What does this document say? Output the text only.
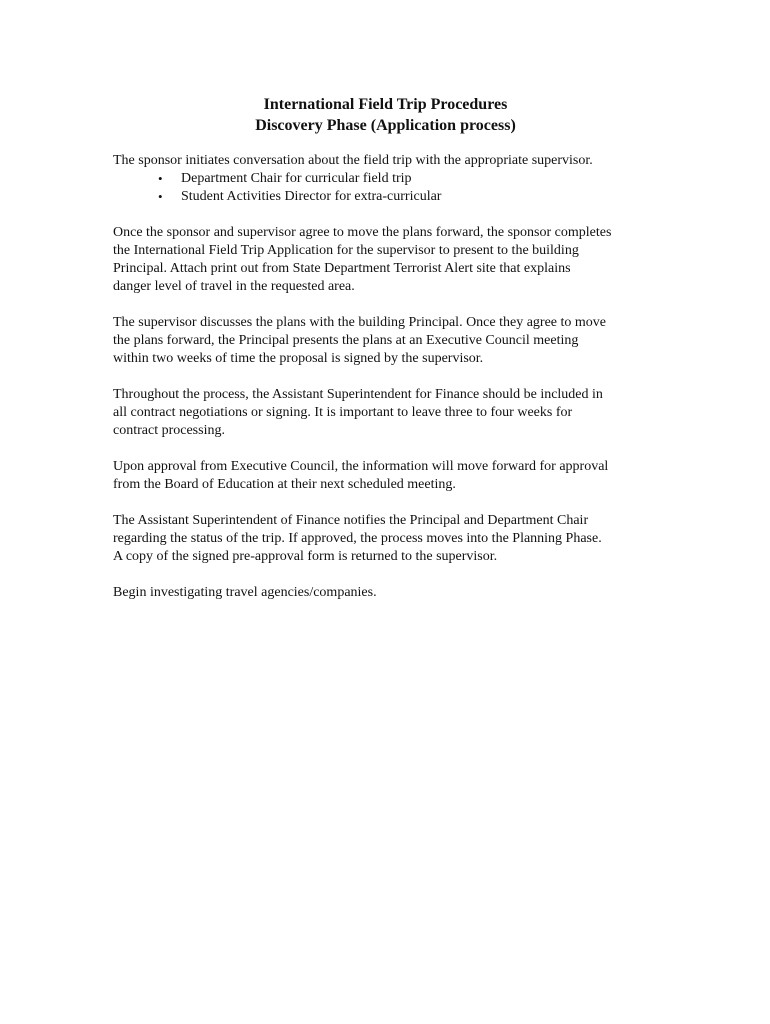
International Field Trip Procedures
Discovery Phase (Application process)

The sponsor initiates conversation about the field trip with the appropriate supervisor.

• Department Chair for curricular field trip
• Student Activities Director for extra-curricular

Once the sponsor and supervisor agree to move the plans forward, the sponsor completes
the International Field Trip Application for the supervisor to present to the building
Principal. Attach print out from State Department Terrorist Alert site that explains
danger level of travel in the requested area.

The supervisor discusses the plans with the building Principal. Once they agree to move
the plans forward, the Principal presents the plans at an Executive Council meeting
within two weeks of time the proposal is signed by the supervisor.

Throughout the process, the Assistant Superintendent for Finance should be included in
all contract negotiations or signing. It is important to leave three to four weeks for
contract processing.

Upon approval from Executive Council, the information will move forward for approval
from the Board of Education at their next scheduled meeting.

The Assistant Superintendent of Finance notifies the Principal and Department Chair
regarding the status of the trip. If approved, the process moves into the Planning Phase.
A copy of the signed pre-approval form is returned to the supervisor.

Begin investigating travel agencies/companies.
